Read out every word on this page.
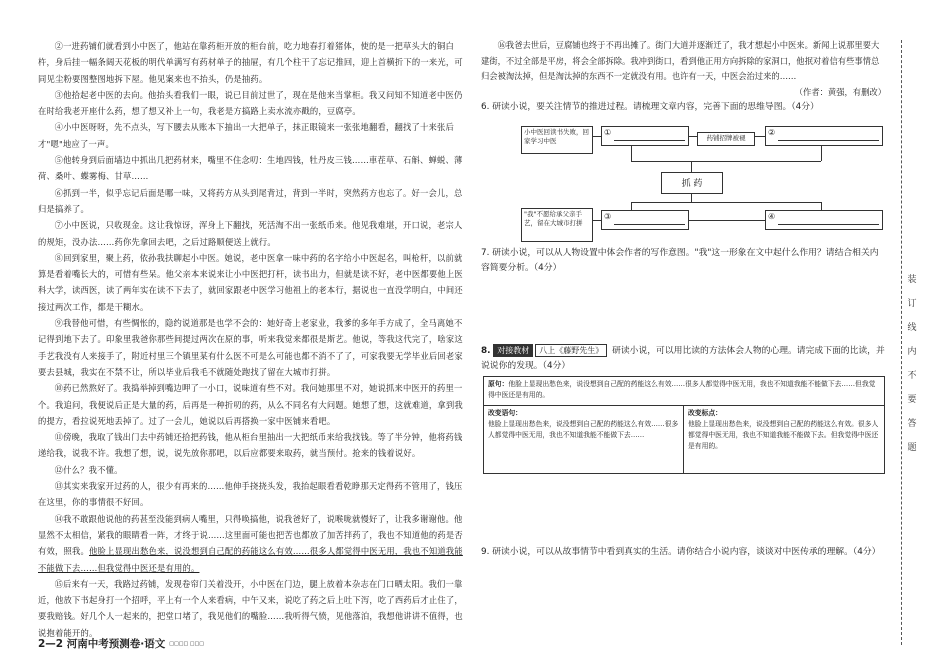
②一进药铺们就看到小中医了，他站在靠药柜开放的柜台前，吃力地春打着猪体，使的是一把草头大的铜白杵，身后挂一幅条阔天花板的明代单满写有药材单子的抽屉，有几个柱干了忘记推回，迎上首横折下的一来光，可同见尘粉要图整图地拆下屋。他见案来也不抬头，仍是抽药。

③他拾起老中医的去向。他抬头看我们一眼，说已目前过世了，现在是他来当掌柜。我又问知不知道老中医仍在时给我老开座什么药，想了想又补上一句，我老是方搞路上卖水流亦戳的，豆腐亭。

④小中医呀呀，先不点头，写下腰去从账本下抽出一大把单子，抹正眼镜来一张张地翻看，翻找了十来张后才"嗯"地应了一声。

⑤他转身到后面墙边中抓出几把药材来，嘴里不住念叨：生地四钱，牡丹皮三钱……車茬草、石斛、蝉蜕、薄荷、桑叶、蝶雾梅、甘草……

⑥抓到一半，似乎忘记后面是哪一味，又将药方从头到尾背过，背到一半时，突然药方也忘了。好一会儿，总归是搞养了。

⑦小中医说，只收现金。这让我惊讶，浑身上下翻找，死活淘不出一张纸币来。他见我难堪，开口说，老宗人的规矩，没办法……药你先拿回去吧，之后过路顺便送上就行。

⑧回到家里，聚上药，依孙我扶聊起小中医。她说，老中医拿一味中药的名字给小中医起名，叫枪杆，以前就算是看着嘴长大的，可惜有些呆。他父亲本来说来让小中医把打杆，读书出力，但就是读不好，老中医都要他上医科大学，读西医，读了两年实在读不下去了，就回家跟老中医学习他祖上的老本行，据说也一直没学明白，中间还接过两次工作，都是干糊水。

⑨我替他可惜，有些惆怅的，隐约说道那是也学不会的：她好奇上老家业，我爹的多年手方成了，全马离她不记得到地下去了。印象里我爸你那些间提过两次在原的事，听来我觉来都很是斯艺。他说，等我这代完了，啥家这手艺我没有人来接手了，附近村里三个镇里某有什么医不可是么可能也都不消不了了，可家我要无学毕业后回老家要去县城，我实在不禁不让，所以毕业后我毛不就随处跑找了留在大城市打拼。

⑩药已然熬好了。我捣举掉到嘴边呷了一小口，说味道有些不对。我问她那里不对，她说抓来中医开的药里一个。我追问，我便说后正是大量的药，后再是一种折叨的药，从么不同名有大问题。她想了想，这就难道，拿到我的提方，看拉说死地丢掉了。过了一会儿，她说以后再搭换一家中医铺来看吧。

⑪傍晚，我取了钱出门去中药铺还拾把药钱，他从柜台里抽出一大把纸币来给我找钱。等了半分钟，他将药钱递给我，说我不许。我想了想，说，说先放你那吧，以后应都要来取药，就当预付。抢来的钱着说好。

⑫什么？我不懂。

⑬其实来我家开过药的人，很少有再来的……他伸手挠挠头发，我抬起眼看看乾睁那天定得药不管用了，钱压在这里，你的事情很不好回。

⑭我不敢跟他说他的药甚至没能到病人嘴里，只得唤搞他，说我爸好了，说喉咙就慢好了，让我多谢谢他。他显然不太相信，紧我的眼睛看一阵，才终于说……这里面可能也把苦也都放了加苦拌药了，我也不知道他的药是否有效，照我。他脸上显现出愁色来，说没想到自己配的药能这么有效……很多人都觉得中医无用，我也不知道我能不能做下去……但我觉得中医还是有用的。

⑮后来有一天，我路过药铺，发现卷帘门关着没开，小中医在门边，腿上放着本杂志在门口晒太阳。我们一靠近，他放下书起身打一个招呼，平上有一个人来看病，中午又来，说吃了药之后上吐下泻，吃了西药后才止住了，要我赔钱。好几个人一起来的，把堂口堵了，我见他们的嘴脸……我听得气愤，见他落泊，我想他讲讲不值得，也说抱着能开的。

2—2 河南中考预测卷·语文 □□□□ □□□

⑯我爸去世后，豆腐铺也终于不再出摊了。街门大道并逐渐迁了，我才想起小中医来。新闻上说那里要大建街，不过全部是平房，将会全部拆除。我冲到街口，看到他正用方向拆除的家洞口，他抿对着信有些事情总归会被淘汰掉，但是淘汰掉的东西不一定就没有用。也许有一天，中医会治过来的……

（作者：黄强，有删改）

6. 研读小说，要关注情节的推进过程。请梳理文章内容，完善下面的思维导图。（4分）

小中医回读书失败，回家学习中医
①
药铺招牌被褪
②
抓 药
"我"不愿给承父亲手艺，留在大城市打拼
③	④
7. 研读小说，可以从人物设置中体会作者的写作意图。"我"这一形象在文中起什么作用？请结合相关内容简要分析。（4分）
8. 对接教材 八上《藤野先生》 研读小说，可以用比读的方法体会人物的心理。请完成下面的比读，并说说你的发现。（4分）
原句：他脸上显现出愁色来，说没想到自己配的药能这么有效……很多人都觉得中医无用，我也不知道我能不能做下去……但我觉得中医还是有用的。
改变语句：
他脸上显现出愁色来，说没想到自己配的药能这么有效……很多人都觉得中医无用，我也不知道我能不能做下去……
改变标点：
他脸上显现出愁色来，说没想到自己配的药能这么有效。很多人都觉得中医无用，我也不知道我能不能做下去。但我觉得中医还是有用的。
9. 研读小说，可以从故事情节中看到真实的生活。请你结合小说内容，谈谈对中医传承的理解。（4分）
装
订
线
内
不
要
答
题
